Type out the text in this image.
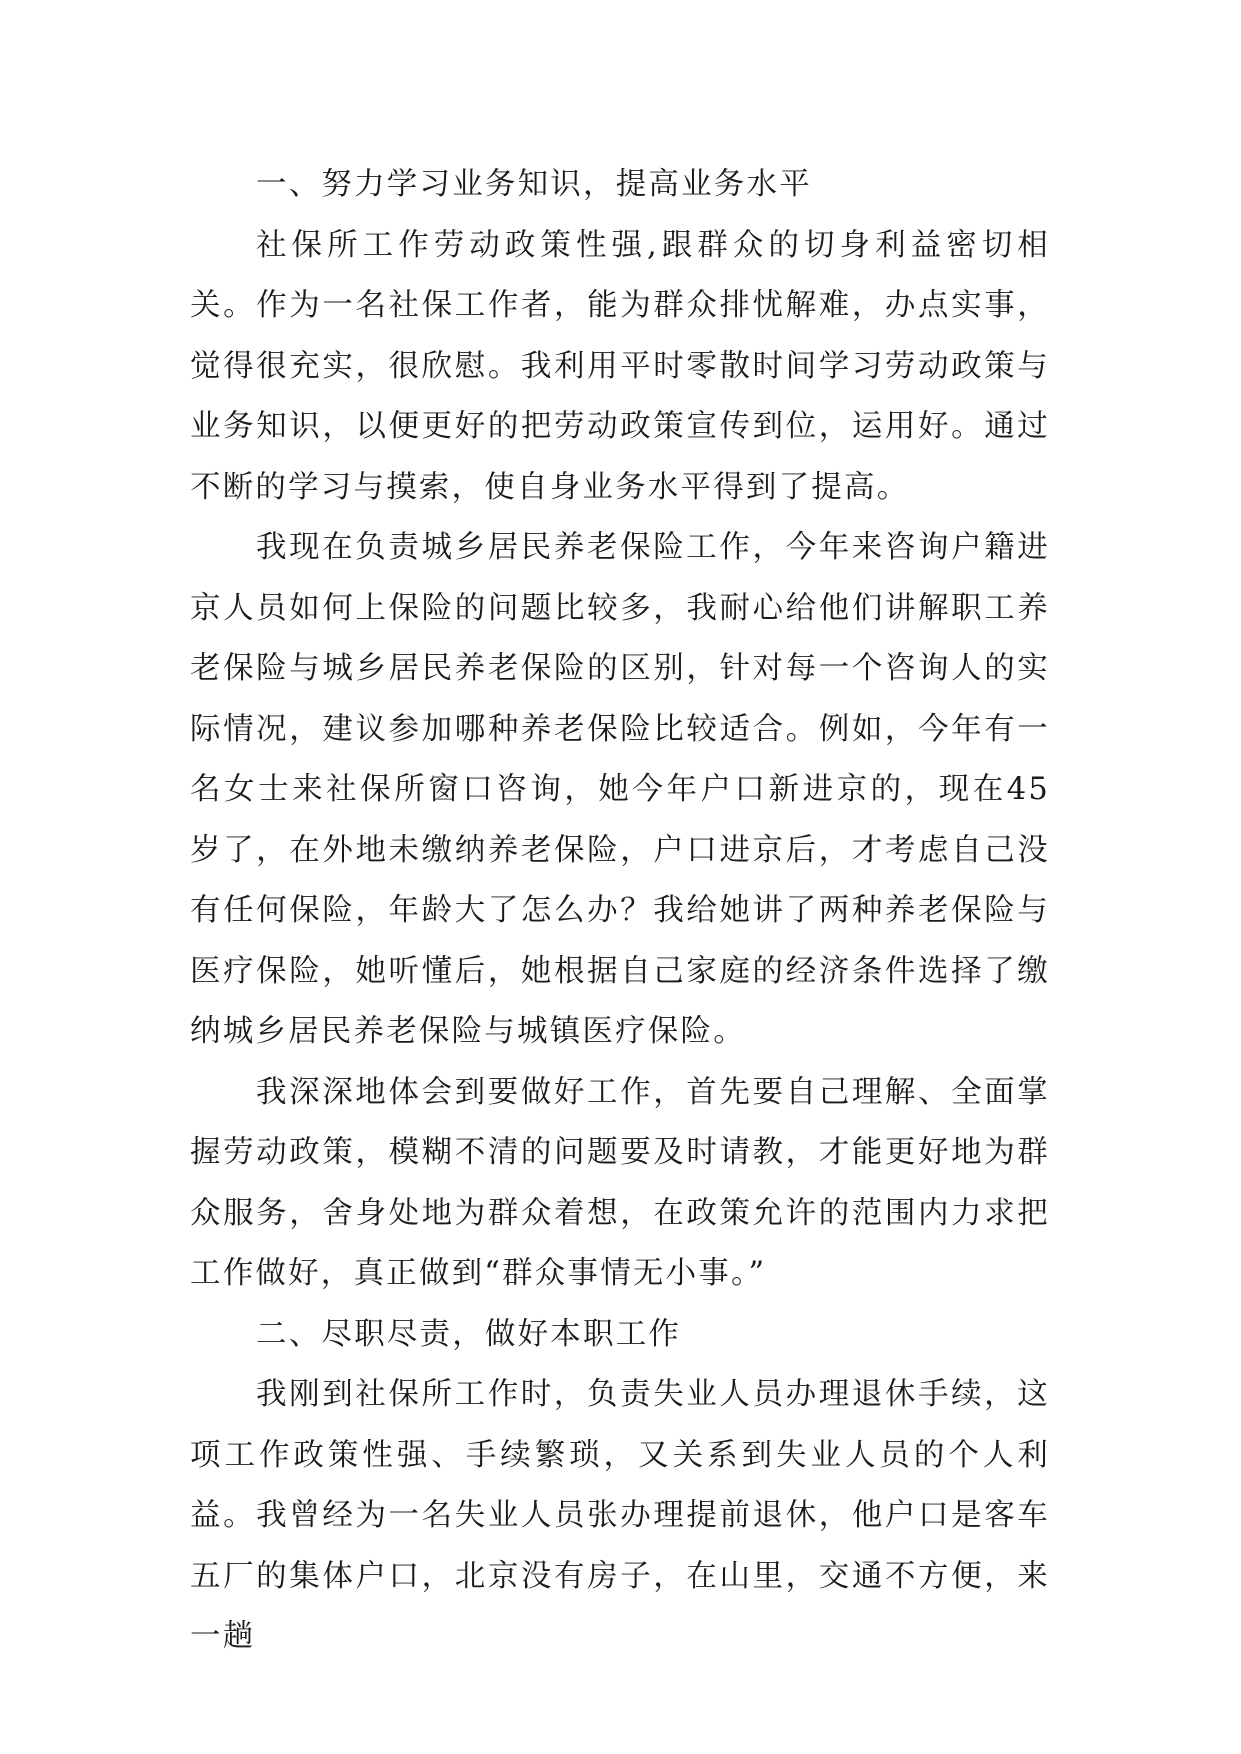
一、努力学习业务知识，提高业务水平

社保所工作劳动政策性强,跟群众的切身利益密切相关。作为一名社保工作者，能为群众排忧解难，办点实事，觉得很充实，很欣慰。我利用平时零散时间学习劳动政策与业务知识，以便更好的把劳动政策宣传到位，运用好。通过不断的学习与摸索，使自身业务水平得到了提高。

我现在负责城乡居民养老保险工作，今年来咨询户籍进京人员如何上保险的问题比较多，我耐心给他们讲解职工养老保险与城乡居民养老保险的区别，针对每一个咨询人的实际情况，建议参加哪种养老保险比较适合。例如，今年有一名女士来社保所窗口咨询，她今年户口新进京的，现在45岁了，在外地未缴纳养老保险，户口进京后，才考虑自己没有任何保险，年龄大了怎么办？我给她讲了两种养老保险与医疗保险，她听懂后，她根据自己家庭的经济条件选择了缴纳城乡居民养老保险与城镇医疗保险。

我深深地体会到要做好工作，首先要自己理解、全面掌握劳动政策，模糊不清的问题要及时请教，才能更好地为群众服务，舍身处地为群众着想，在政策允许的范围内力求把工作做好，真正做到“群众事情无小事。”

二、尽职尽责，做好本职工作

我刚到社保所工作时，负责失业人员办理退休手续，这项工作政策性强、手续繁琐，又关系到失业人员的个人利益。我曾经为一名失业人员张办理提前退休，他户口是客车五厂的集体户口，北京没有房子，在山里，交通不方便，来一趟
